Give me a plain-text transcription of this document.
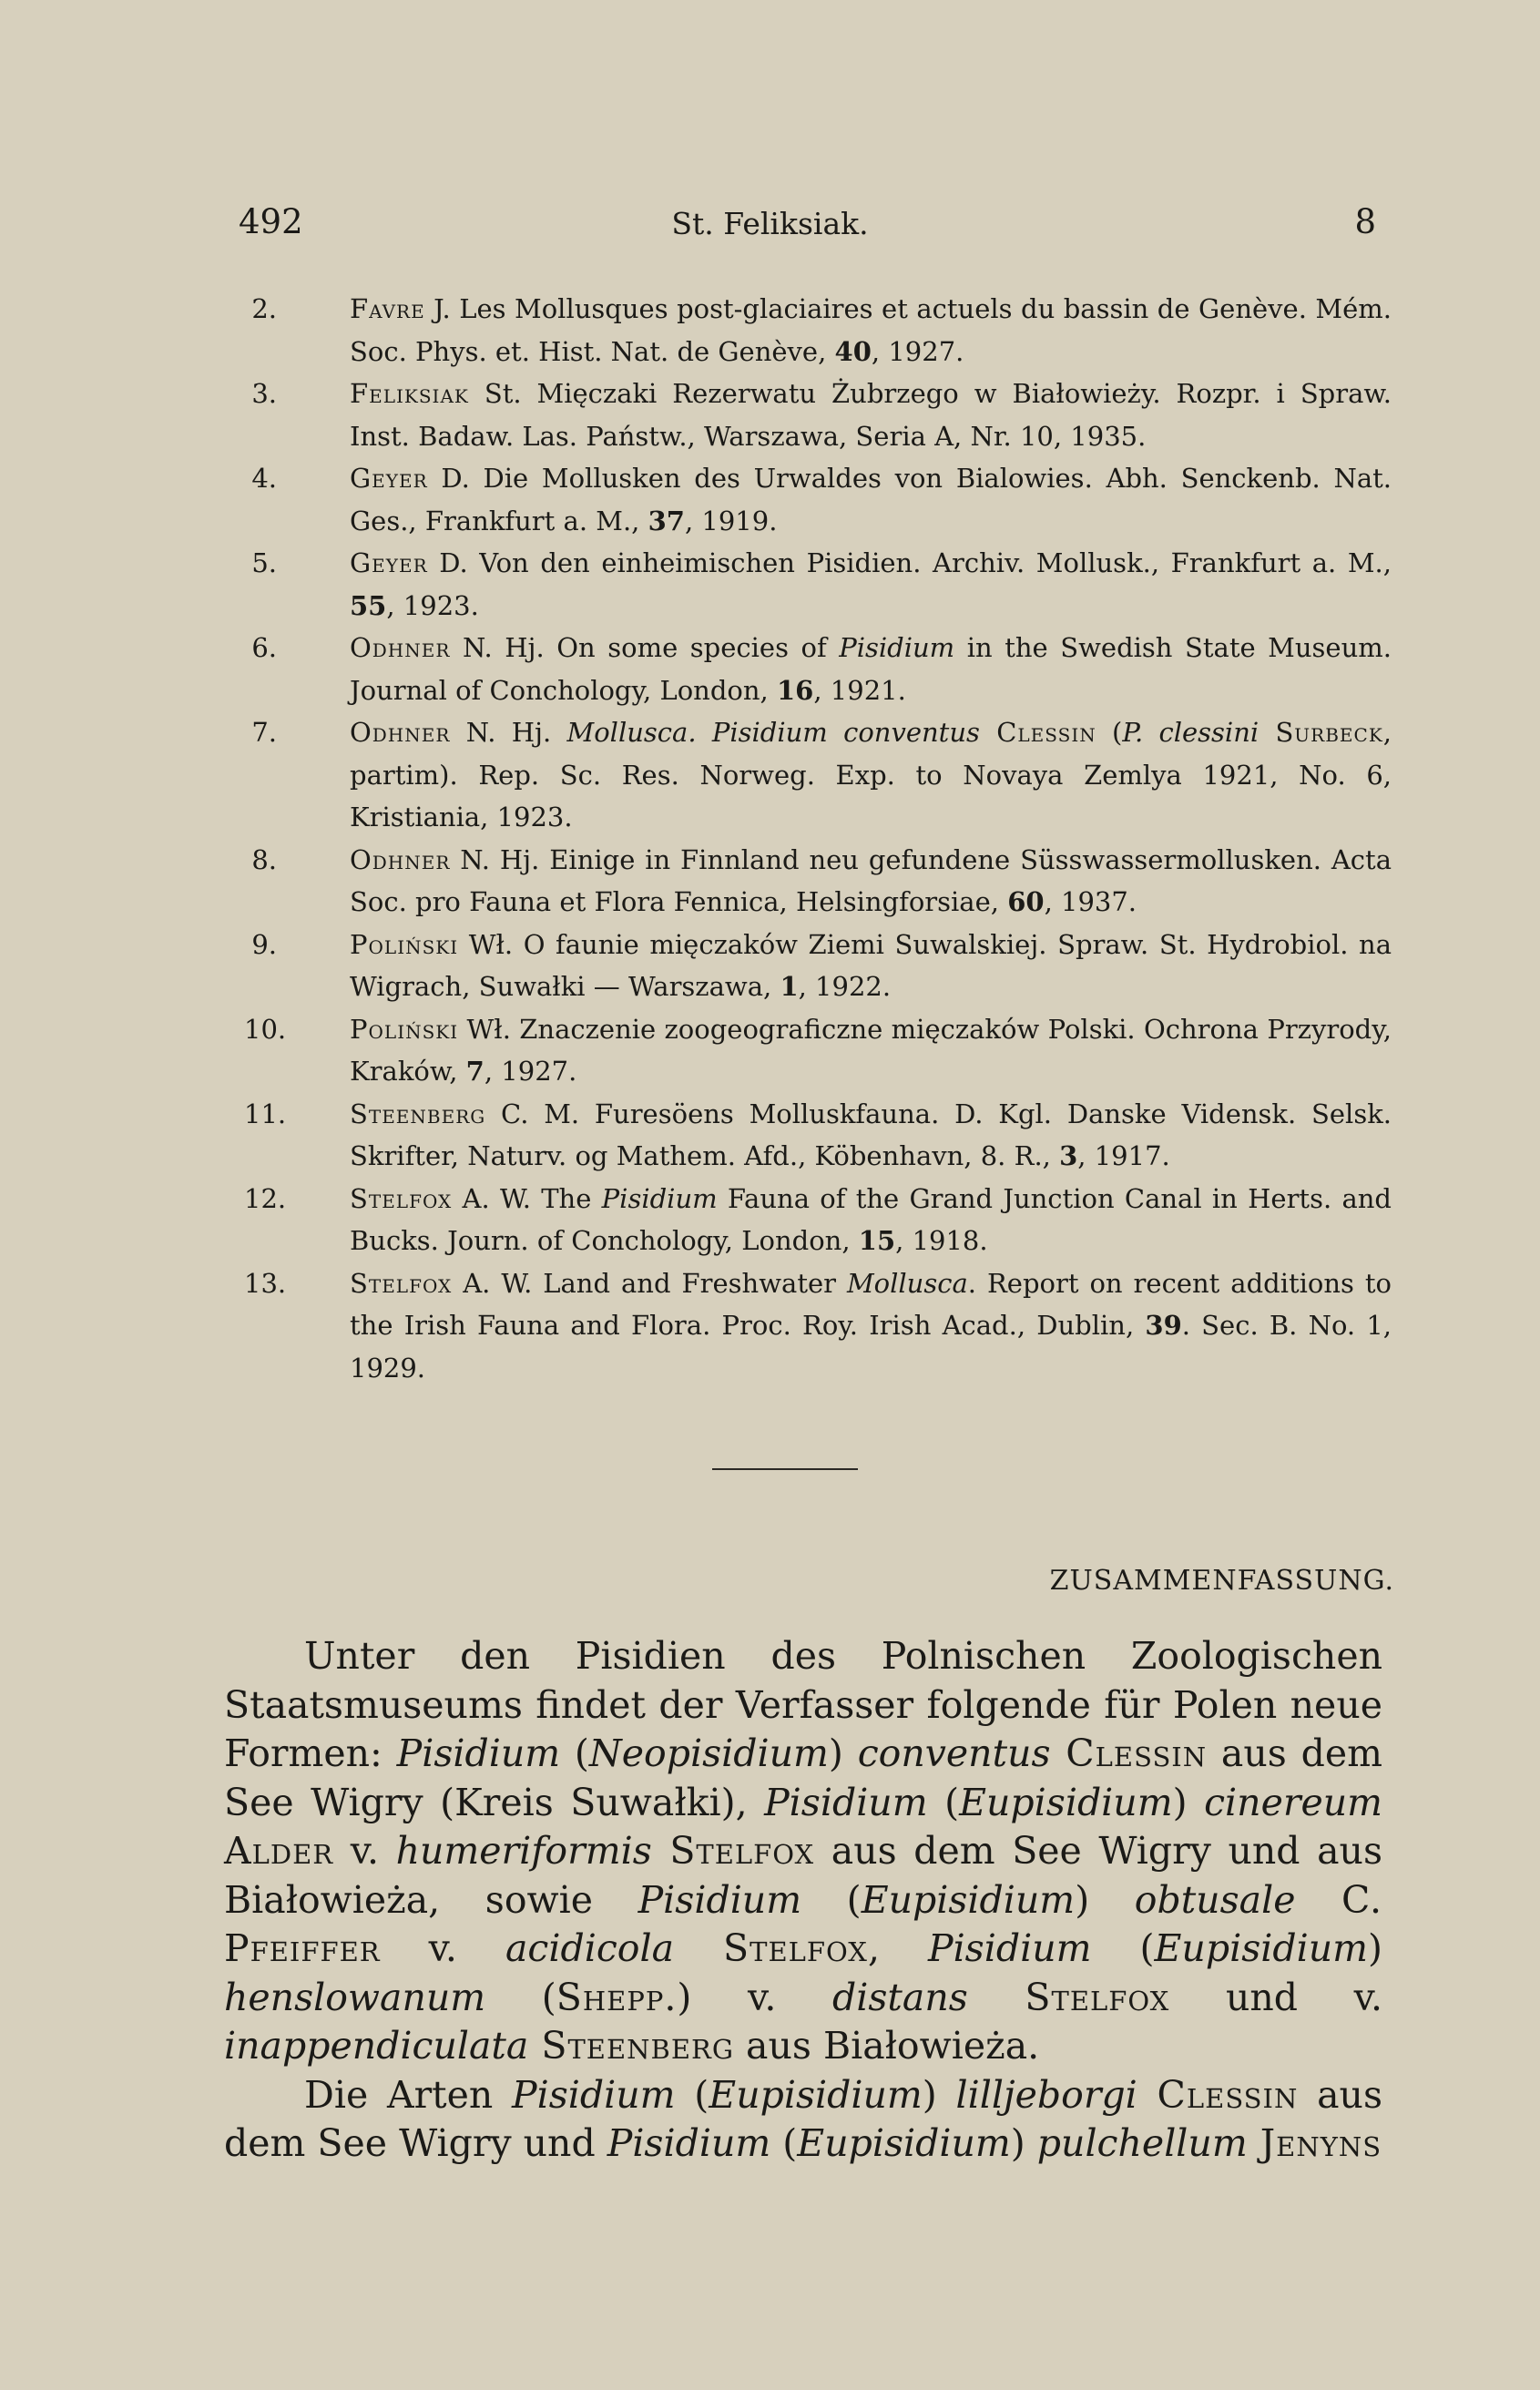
492	St. Feliksiak.	8
2.	Favre J. Les Mollusques post-glaciaires et actuels du bassin de Genève. Mém. Soc. Phys. et. Hist. Nat. de Genève, 40, 1927.
3.	Feliksiak St. Mięczaki Rezerwatu Żubrzego w Białowieży. Rozpr. i Spraw. Inst. Badaw. Las. Państw., Warszawa, Seria A, Nr. 10, 1935.
4.	Geyer D. Die Mollusken des Urwaldes von Bialowies. Abh. Senckenb. Nat. Ges., Frankfurt a. M., 37, 1919.
5.	Geyer D. Von den einheimischen Pisidien. Archiv. Mollusk., Frankfurt a. M., 55, 1923.
6.	Odhner N. Hj. On some species of Pisidium in the Swedish State Museum. Journal of Conchology, London, 16, 1921.
7.	Odhner N. Hj. Mollusca. Pisidium conventus Clessin (P. clessini Surbeck, partim). Rep. Sc. Res. Norweg. Exp. to Novaya Zemlya 1921, No. 6, Kristiania, 1923.
8.	Odhner N. Hj. Einige in Finnland neu gefundene Süsswassermollusken. Acta Soc. pro Fauna et Flora Fennica, Helsingforsiae, 60, 1937.
9.	Poliński Wł. O faunie mięczaków Ziemi Suwalskiej. Spraw. St. Hydrobiol. na Wigrach, Suwałki — Warszawa, 1, 1922.
10. Poliński Wł. Znaczenie zoogeograficzne mięczaków Polski. Ochrona Przyrody, Kraków, 7, 1927.
11. Steenberg C. M. Furesöens Molluskfauna. D. Kgl. Danske Vidensk. Selsk. Skrifter, Naturv. og Mathem. Afd., Köbenhavn, 8. R., 3, 1917.
12. Stelfox A. W. The Pisidium Fauna of the Grand Junction Canal in Herts. and Bucks. Journ. of Conchology, London, 15, 1918.
13. Stelfox A. W. Land and Freshwater Mollusca. Report on recent additions to the Irish Fauna and Flora. Proc. Roy. Irish Acad., Dublin, 39. Sec. B. No. 1, 1929.
ZUSAMMENFASSUNG.

Unter den Pisidien des Polnischen Zoologischen Staatsmuseums findet der Verfasser folgende für Polen neue Formen: Pisidium (Neopisidium) conventus Clessin aus dem See Wigry (Kreis Suwałki), Pisidium (Eupisidium) cinereum Alder v. humeriformis Stelfox aus dem See Wigry und aus Białowieża, sowie Pisidium (Eupisidium) obtusale C. Pfeiffer v. acidicola Stelfox, Pisidium (Eupisidium) henslowanum (Shepp.) v. distans Stelfox und v. inappendiculata Steenberg aus Białowieża.

Die Arten Pisidium (Eupisidium) lilljeborgi Clessin aus dem See Wigry und Pisidium (Eupisidium) pulchellum Jenyns
